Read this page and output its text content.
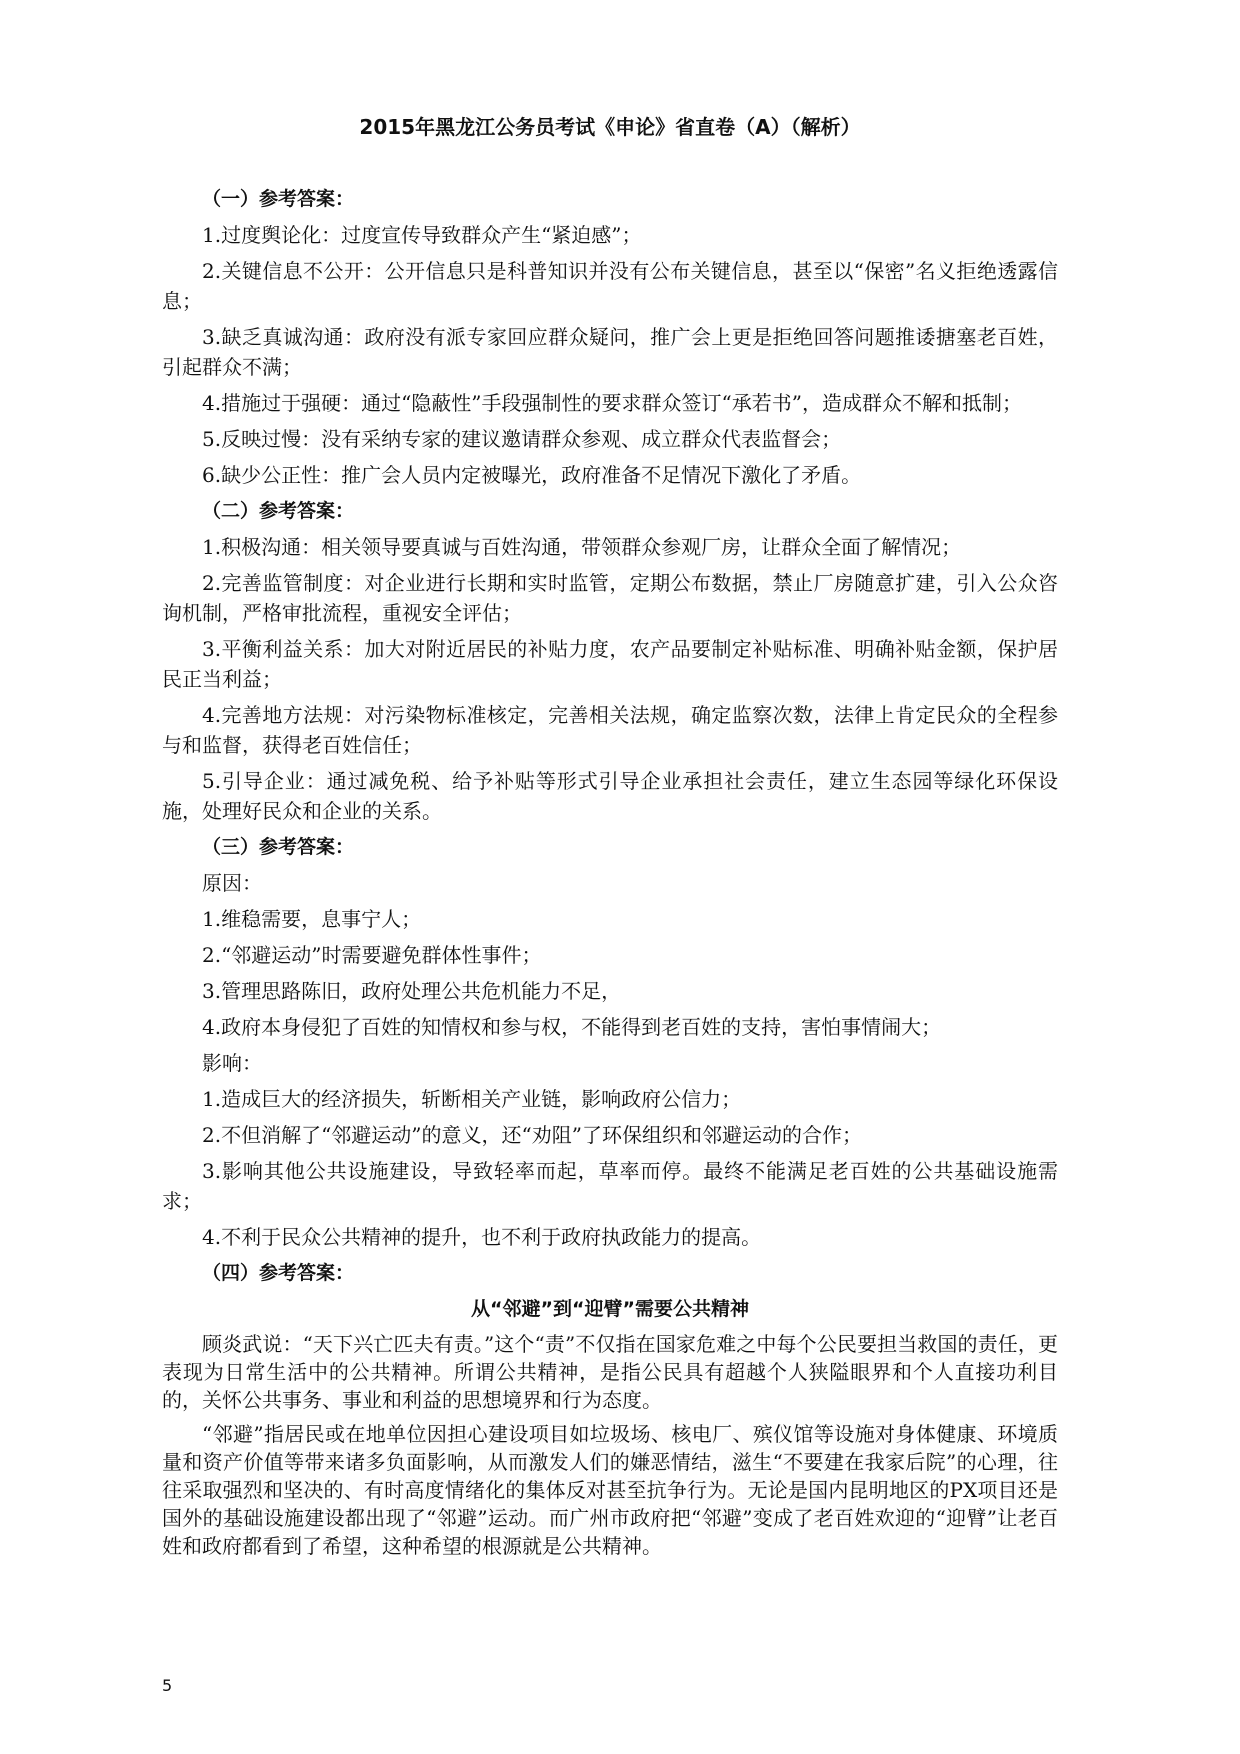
2015年黑龙江公务员考试《申论》省直卷（A）（解析）
（一）参考答案：

1.过度舆论化：过度宣传导致群众产生“紧迫感”；

2.关键信息不公开：公开信息只是科普知识并没有公布关键信息，甚至以“保密”名义拒绝透露信息；

3.缺乏真诚沟通：政府没有派专家回应群众疑问，推广会上更是拒绝回答问题推诿搪塞老百姓，引起群众不满；

4.措施过于强硬：通过“隐蔽性”手段强制性的要求群众签订“承若书”，造成群众不解和抵制；

5.反映过慢：没有采纳专家的建议邀请群众参观、成立群众代表监督会；

6.缺少公正性：推广会人员内定被曝光，政府准备不足情况下激化了矛盾。

（二）参考答案：

1.积极沟通：相关领导要真诚与百姓沟通，带领群众参观厂房，让群众全面了解情况；

2.完善监管制度：对企业进行长期和实时监管，定期公布数据，禁止厂房随意扩建，引入公众咨询机制，严格审批流程，重视安全评估；

3.平衡利益关系：加大对附近居民的补贴力度，农产品要制定补贴标准、明确补贴金额，保护居民正当利益；

4.完善地方法规：对污染物标准核定，完善相关法规，确定监察次数，法律上肯定民众的全程参与和监督，获得老百姓信任；

5.引导企业：通过减免税、给予补贴等形式引导企业承担社会责任，建立生态园等绿化环保设施，处理好民众和企业的关系。

（三）参考答案：

原因：

1.维稳需要，息事宁人；

2.“邻避运动”时需要避免群体性事件；

3.管理思路陈旧，政府处理公共危机能力不足，

4.政府本身侵犯了百姓的知情权和参与权，不能得到老百姓的支持，害怕事情闹大；

影响：

1.造成巨大的经济损失，斩断相关产业链，影响政府公信力；

2.不但消解了“邻避运动”的意义，还“劝阻”了环保组织和邻避运动的合作；

3.影响其他公共设施建设，导致轻率而起，草率而停。最终不能满足老百姓的公共基础设施需求；

4.不利于民众公共精神的提升，也不利于政府执政能力的提高。

（四）参考答案：
从“邻避”到“迎臂”需要公共精神

顾炎武说：“天下兴亡匹夫有责。”这个“责”不仅指在国家危难之中每个公民要担当救国的责任，更表现为日常生活中的公共精神。所谓公共精神，是指公民具有超越个人狭隘眼界和个人直接功利目的，关怀公共事务、事业和利益的思想境界和行为态度。

“邻避”指居民或在地单位因担心建设项目如垃圾场、核电厂、殡仪馆等设施对身体健康、环境质量和资产价值等带来诸多负面影响，从而激发人们的嫌恶情结，滋生“不要建在我家后院”的心理，往往采取强烈和坚决的、有时高度情绪化的集体反对甚至抗争行为。无论是国内昆明地区的PX项目还是国外的基础设施建设都出现了“邻避”运动。而广州市政府把“邻避”变成了老百姓欢迎的“迎臂”让老百姓和政府都看到了希望，这种希望的根源就是公共精神。

5
